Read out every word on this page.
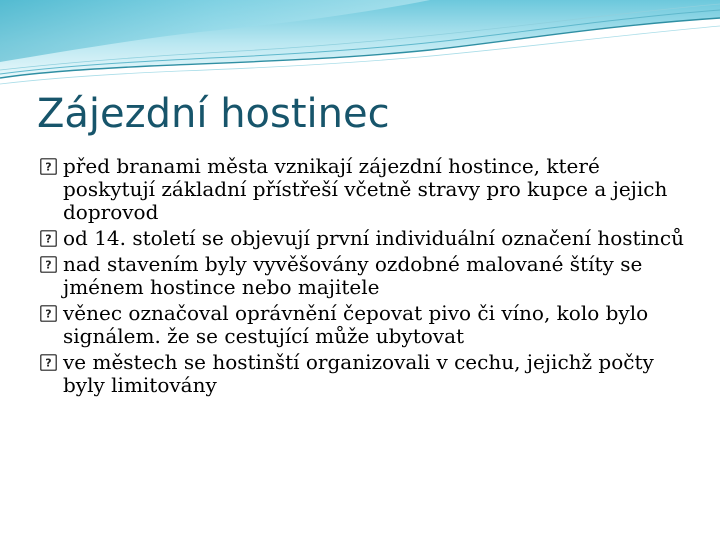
Zájezdní hostinec
? před branami města vznikají zájezdní hostince, které poskytují základní přístřeší včetně stravy pro kupce a jejich doprovod
? od 14. století se objevují první individuální označení hostinců
? nad stavením byly vyvěšovány ozdobné malované štíty se jménem hostince nebo majitele
? věnec označoval oprávnění čepovat pivo či víno, kolo bylo signálem. že se cestující může ubytovat
? ve městech se hostinští organizovali v cechu, jejichž počty byly limitovány
